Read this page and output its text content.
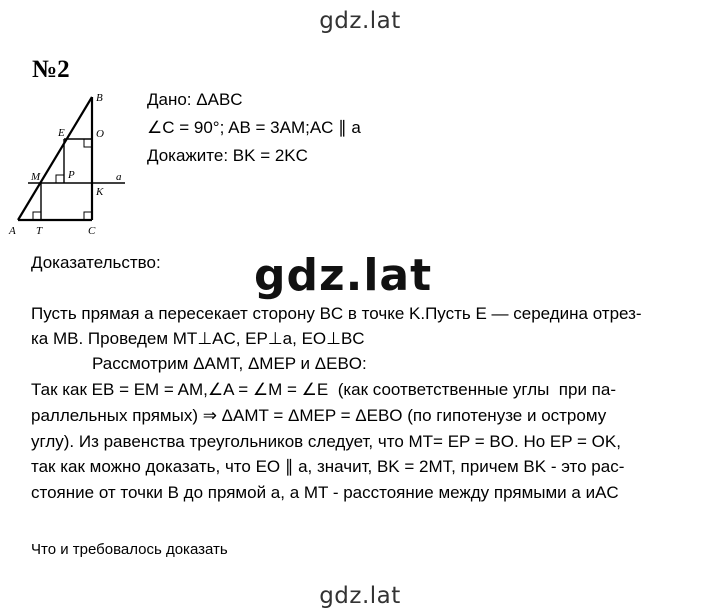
gdz.lat
№2
B
E	O
M	P
K
a
A T	C
Дано: ΔABC
∠C = 90°; AB = 3AM;AC ∥ a
Докажите: BK = 2KC
Доказательство: gdz.lat
Пусть прямая a пересекает сторону BC в точке K.Пусть E — середина отрез-
ка MB. Проведем MT⊥AC, EP⊥a, EO⊥BC
Рассмотрим ΔAMT, ΔMEP и ΔEBO:
Так как EB = EM = AM,∠A = ∠M = ∠E  (как соответственные углы  при па-
раллельных прямых) ⇒ ΔAMT = ΔMEP = ΔEBO (по гипотенузе и острому
углу). Из равенства треугольников следует, что MT= EP = BO. Но EP = OK,
так как можно доказать, что EO ∥ a, значит, BK = 2MT, причем BK - это рас-
стояние от точки B до прямой a, а MT - расстояние между прямыми a иAC
Что и требовалось доказать
gdz.lat
